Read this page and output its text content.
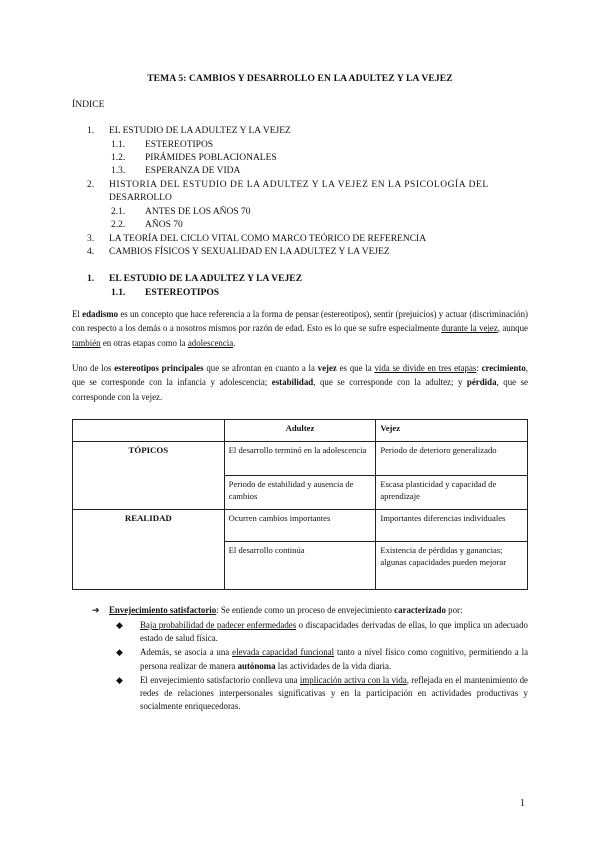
TEMA 5: CAMBIOS Y DESARROLLO EN LA ADULTEZ Y LA VEJEZ
ÍNDICE
1. EL ESTUDIO DE LA ADULTEZ Y LA VEJEZ
1.1. ESTEREOTIPOS
1.2. PIRÁMIDES POBLACIONALES
1.3. ESPERANZA DE VIDA
2. HISTORIA DEL ESTUDIO DE LA ADULTEZ Y LA VEJEZ EN LA PSICOLOGÍA DEL
DESARROLLO
2.1. ANTES DE LOS AÑOS 70
2.2. AÑOS 70
3. LA TEORÍA DEL CICLO VITAL COMO MARCO TEÓRICO DE REFERENCIA
4. CAMBIOS FÍSICOS Y SEXUALIDAD EN LA ADULTEZ Y LA VEJEZ
1. EL ESTUDIO DE LA ADULTEZ Y LA VEJEZ
1.1. ESTEREOTIPOS
El edadismo es un concepto que hace referencia a la forma de pensar (estereotipos), sentir (prejuicios) y actuar (discriminación) con respecto a los demás o a nosotros mismos por razón de edad. Esto es lo que se sufre especialmente durante la vejez, aunque también en otras etapas como la adolescencia.
Uno de los estereotipos principales que se afrontan en cuanto a la vejez es que la vida se divide en tres etapas: crecimiento, que se corresponde con la infancia y adolescencia; estabilidad, que se corresponde con la adultez; y pérdida, que se corresponde con la vejez.
	Adultez	Vejez
TÓPICOS	El desarrollo terminó en la adolescencia	Periodo de deterioro generalizado
	Periodo de estabilidad y ausencia de cambios	Escasa plasticidad y capacidad de aprendizaje
REALIDAD	Ocurren cambios importantes	Importantes diferencias individuales
	El desarrollo continúa	Existencia de pérdidas y ganancias; algunas capacidades pueden mejorar
➔ Envejecimiento satisfactorio: Se entiende como un proceso de envejecimiento caracterizado por:
◆ Baja probabilidad de padecer enfermedades o discapacidades derivadas de ellas, lo que implica un adecuado estado de salud física.
◆ Además, se asocia a una elevada capacidad funcional tanto a nivel físico como cognitivo, permitiendo a la persona realizar de manera autónoma las actividades de la vida diaria.
◆ El envejecimiento satisfactorio conlleva una implicación activa con la vida, reflejada en el mantenimiento de redes de relaciones interpersonales significativas y en la participación en actividades productivas y socialmente enriquecedoras.
1
